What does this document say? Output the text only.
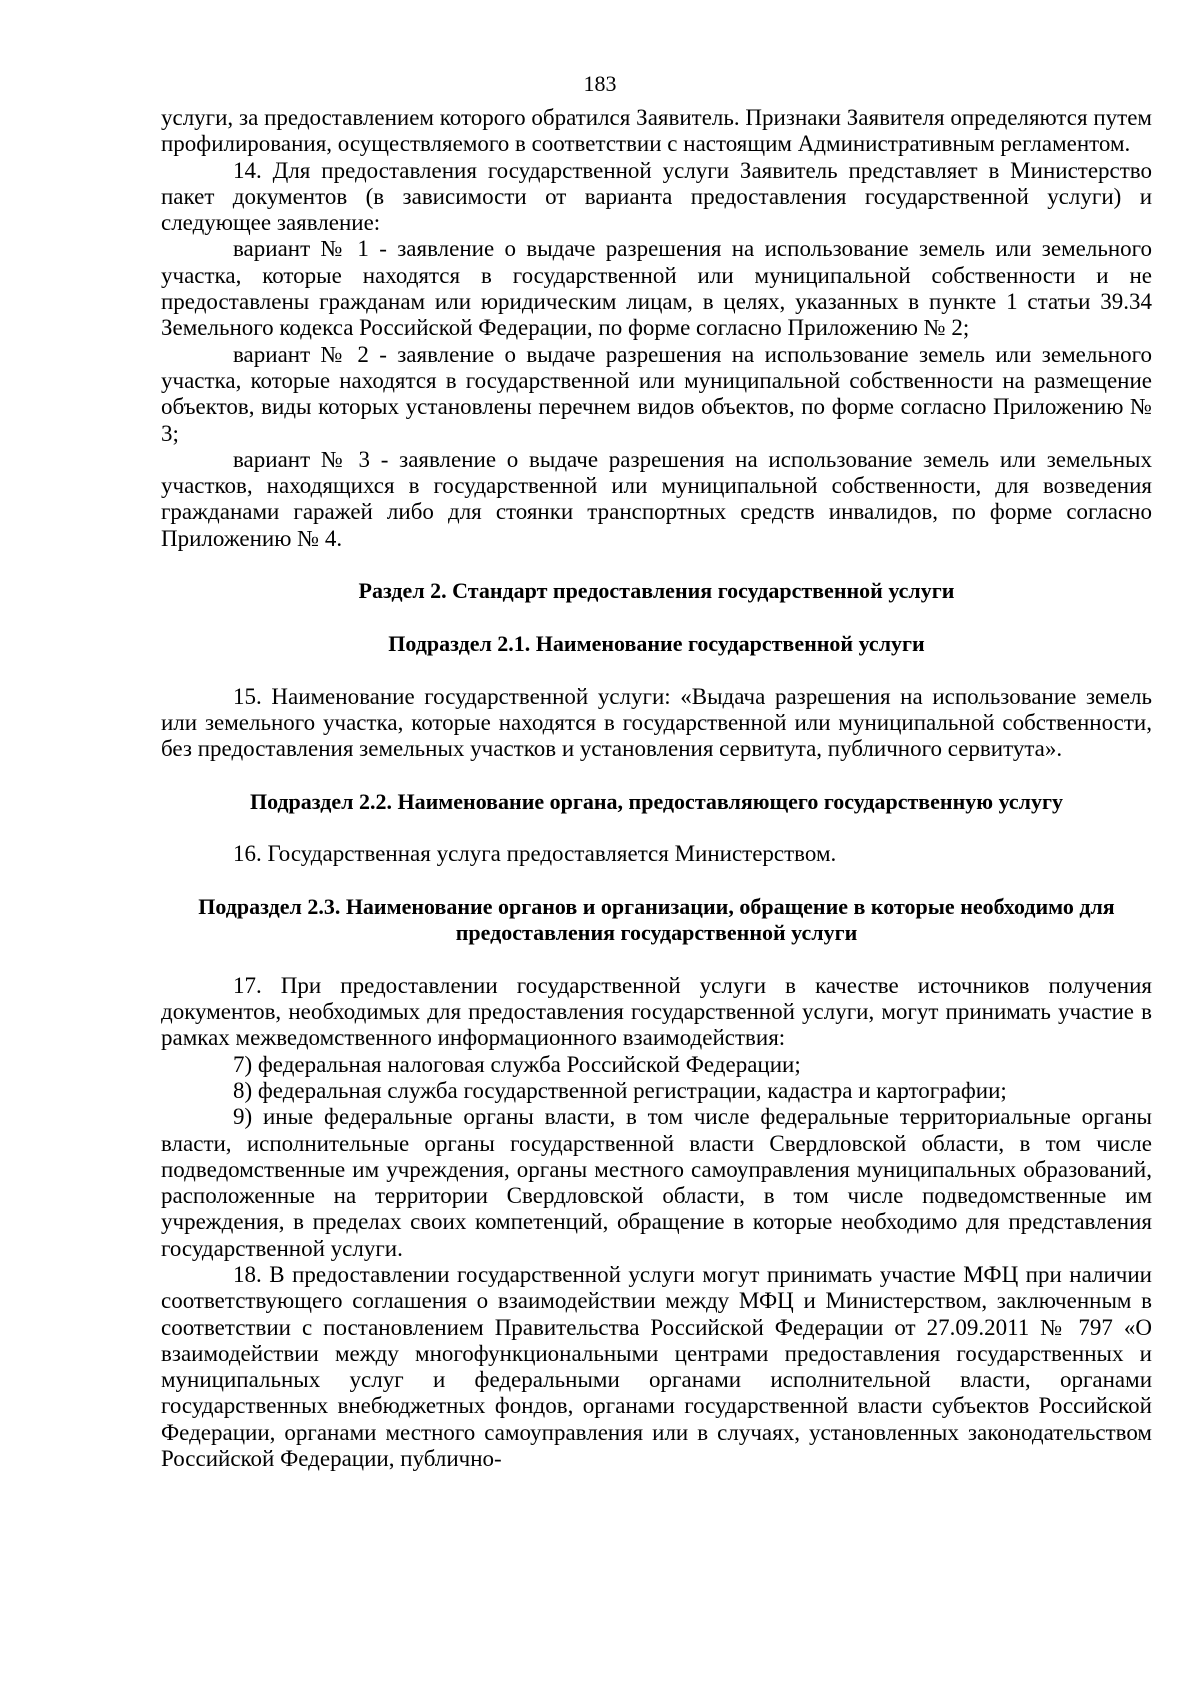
183

услуги, за предоставлением которого обратился Заявитель. Признаки Заявителя определяются путем профилирования, осуществляемого в соответствии с настоящим Административным регламентом.

14. Для предоставления государственной услуги Заявитель представляет в Министерство пакет документов (в зависимости от варианта предоставления государственной услуги) и следующее заявление:

вариант № 1 - заявление о выдаче разрешения на использование земель или земельного участка, которые находятся в государственной или муниципальной собственности и не предоставлены гражданам или юридическим лицам, в целях, указанных в пункте 1 статьи 39.34 Земельного кодекса Российской Федерации, по форме согласно Приложению № 2;

вариант № 2 - заявление о выдаче разрешения на использование земель или земельного участка, которые находятся в государственной или муниципальной собственности на размещение объектов, виды которых установлены перечнем видов объектов, по форме согласно Приложению № 3;

вариант № 3 - заявление о выдаче разрешения на использование земель или земельных участков, находящихся в государственной или муниципальной собственности, для возведения гражданами гаражей либо для стоянки транспортных средств инвалидов, по форме согласно Приложению № 4.

Раздел 2. Стандарт предоставления государственной услуги
Подраздел 2.1. Наименование государственной услуги

15. Наименование государственной услуги: «Выдача разрешения на использование земель или земельного участка, которые находятся в государственной или муниципальной собственности, без предоставления земельных участков и установления сервитута, публичного сервитута».

Подраздел 2.2. Наименование органа, предоставляющего государственную услугу

16. Государственная услуга предоставляется Министерством.

Подраздел 2.3. Наименование органов и организации, обращение в которые необходимо для предоставления государственной услуги

17. При предоставлении государственной услуги в качестве источников получения документов, необходимых для предоставления государственной услуги, могут принимать участие в рамках межведомственного информационного взаимодействия:

7) федеральная налоговая служба Российской Федерации;

8) федеральная служба государственной регистрации, кадастра и картографии;

9) иные федеральные органы власти, в том числе федеральные территориальные органы власти, исполнительные органы государственной власти Свердловской области, в том числе подведомственные им учреждения, органы местного самоуправления муниципальных образований, расположенные на территории Свердловской области, в том числе подведомственные им учреждения, в пределах своих компетенций, обращение в которые необходимо для представления государственной услуги.

18. В предоставлении государственной услуги могут принимать участие МФЦ при наличии соответствующего соглашения о взаимодействии между МФЦ и Министерством, заключенным в соответствии с постановлением Правительства Российской Федерации от 27.09.2011 № 797 «О взаимодействии между многофункциональными центрами предоставления государственных и муниципальных услуг и федеральными органами исполнительной власти, органами государственных внебюджетных фондов, органами государственной власти субъектов Российской Федерации, органами местного самоуправления или в случаях, установленных законодательством Российской Федерации, публично-
